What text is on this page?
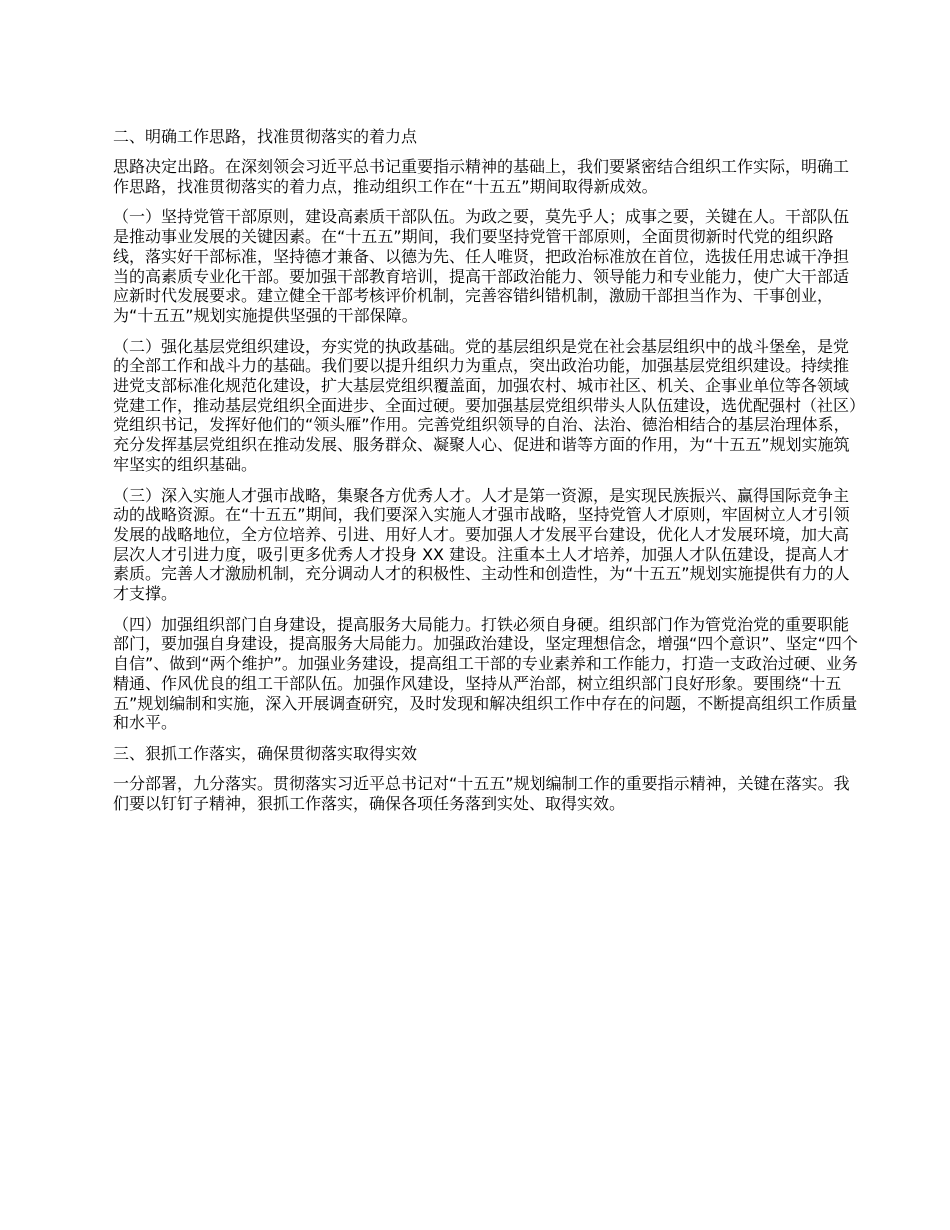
二、明确工作思路，找准贯彻落实的着力点

思路决定出路。在深刻领会习近平总书记重要指示精神的基础上，我们要紧密结合组织工作实际，明确工作思路，找准贯彻落实的着力点，推动组织工作在“十五五”期间取得新成效。

（一）坚持党管干部原则，建设高素质干部队伍。为政之要，莫先乎人；成事之要，关键在人。干部队伍是推动事业发展的关键因素。在“十五五”期间，我们要坚持党管干部原则，全面贯彻新时代党的组织路线，落实好干部标准，坚持德才兼备、以德为先、任人唯贤，把政治标准放在首位，选拔任用忠诚干净担当的高素质专业化干部。要加强干部教育培训，提高干部政治能力、领导能力和专业能力，使广大干部适应新时代发展要求。建立健全干部考核评价机制，完善容错纠错机制，激励干部担当作为、干事创业，为“十五五”规划实施提供坚强的干部保障。

（二）强化基层党组织建设，夯实党的执政基础。党的基层组织是党在社会基层组织中的战斗堡垒，是党的全部工作和战斗力的基础。我们要以提升组织力为重点，突出政治功能，加强基层党组织建设。持续推进党支部标准化规范化建设，扩大基层党组织覆盖面，加强农村、城市社区、机关、企事业单位等各领域党建工作，推动基层党组织全面进步、全面过硬。要加强基层党组织带头人队伍建设，选优配强村（社区）党组织书记，发挥好他们的“领头雁”作用。完善党组织领导的自治、法治、德治相结合的基层治理体系，充分发挥基层党组织在推动发展、服务群众、凝聚人心、促进和谐等方面的作用，为“十五五”规划实施筑牢坚实的组织基础。

（三）深入实施人才强市战略，集聚各方优秀人才。人才是第一资源，是实现民族振兴、赢得国际竞争主动的战略资源。在“十五五”期间，我们要深入实施人才强市战略，坚持党管人才原则，牢固树立人才引领发展的战略地位，全方位培养、引进、用好人才。要加强人才发展平台建设，优化人才发展环境，加大高层次人才引进力度，吸引更多优秀人才投身 XX 建设。注重本土人才培养，加强人才队伍建设，提高人才素质。完善人才激励机制，充分调动人才的积极性、主动性和创造性，为“十五五”规划实施提供有力的人才支撑。

（四）加强组织部门自身建设，提高服务大局能力。打铁必须自身硬。组织部门作为管党治党的重要职能部门，要加强自身建设，提高服务大局能力。加强政治建设，坚定理想信念，增强“四个意识”、坚定“四个自信”、做到“两个维护”。加强业务建设，提高组工干部的专业素养和工作能力，打造一支政治过硬、业务精通、作风优良的组工干部队伍。加强作风建设，坚持从严治部，树立组织部门良好形象。要围绕“十五五”规划编制和实施，深入开展调查研究，及时发现和解决组织工作中存在的问题，不断提高组织工作质量和水平。

三、狠抓工作落实，确保贯彻落实取得实效

一分部署，九分落实。贯彻落实习近平总书记对“十五五”规划编制工作的重要指示精神，关键在落实。我们要以钉钉子精神，狠抓工作落实，确保各项任务落到实处、取得实效。
